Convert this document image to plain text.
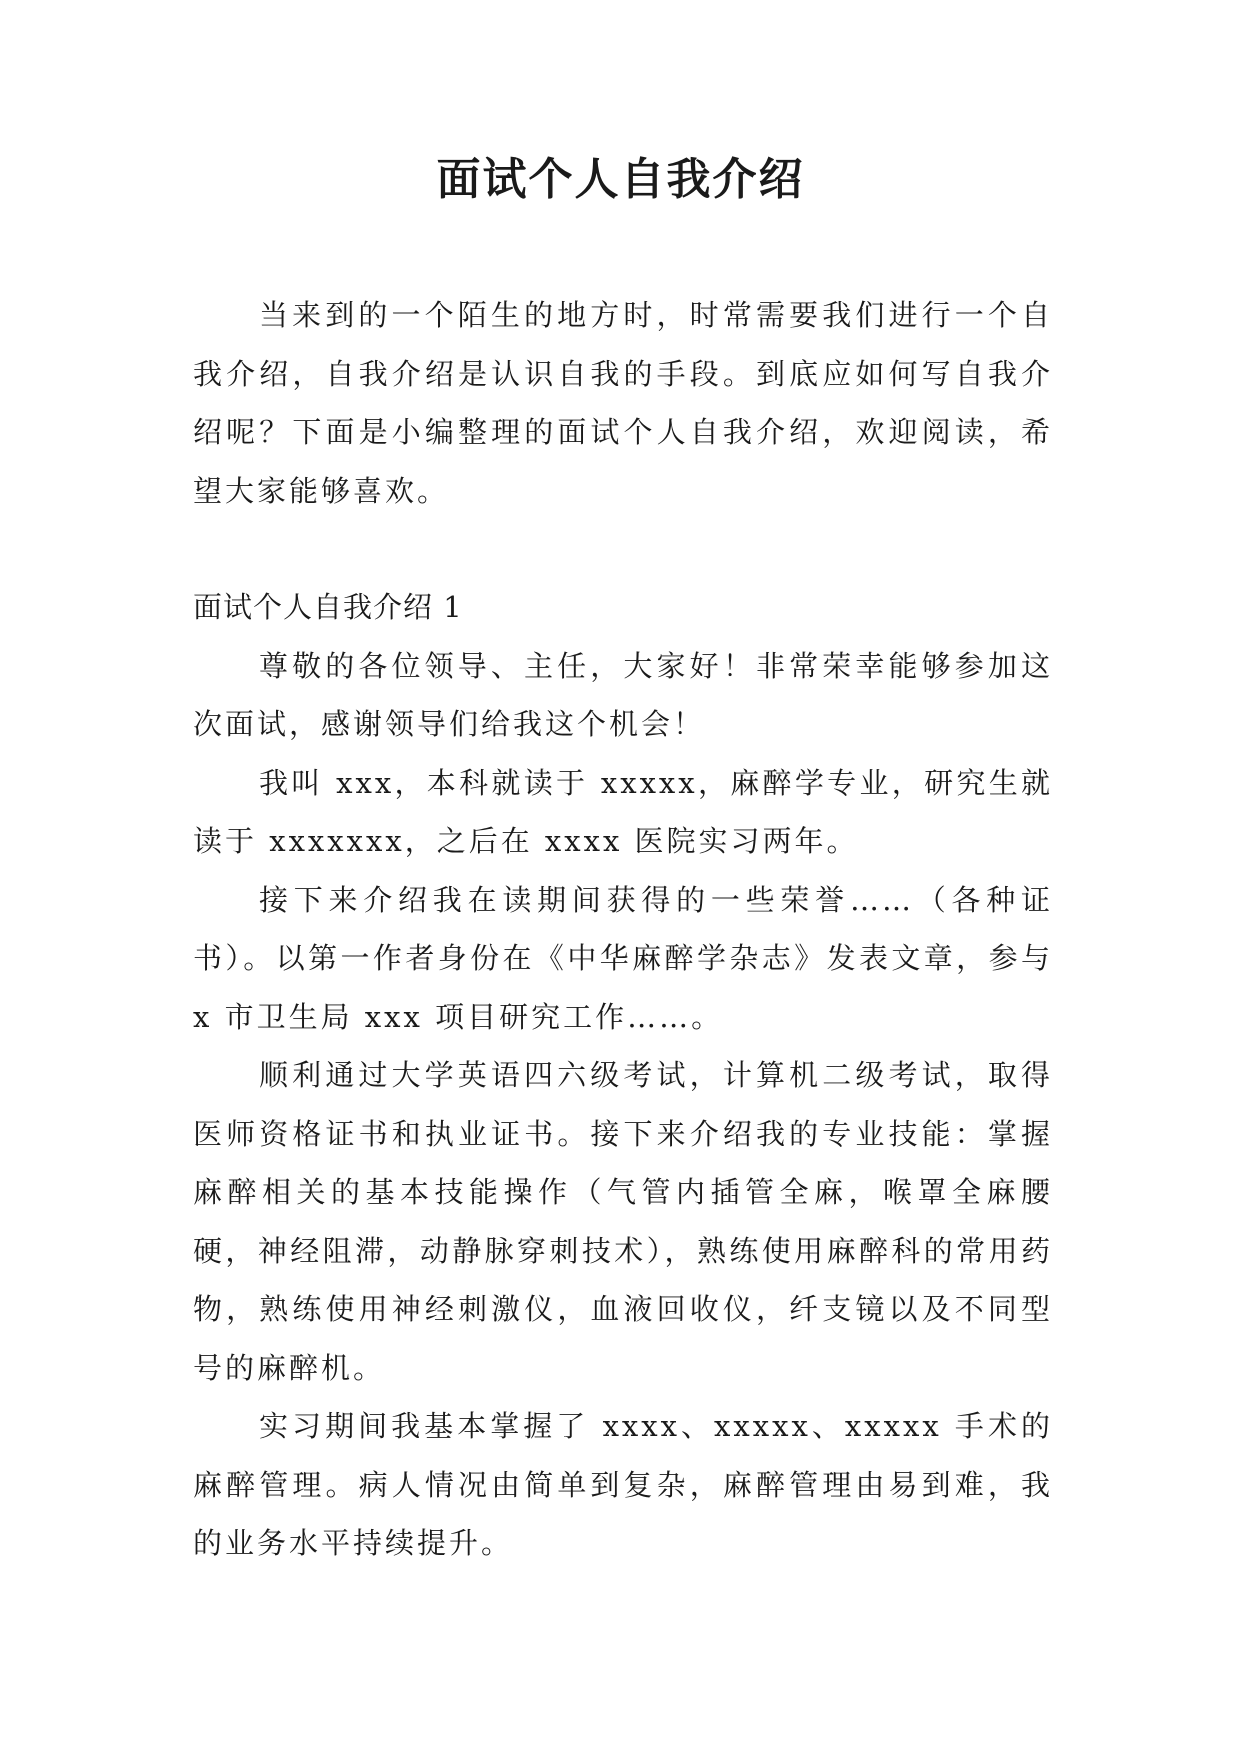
面试个人自我介绍

当来到的一个陌生的地方时，时常需要我们进行一个自我介绍，自我介绍是认识自我的手段。到底应如何写自我介绍呢？下面是小编整理的面试个人自我介绍，欢迎阅读，希望大家能够喜欢。

面试个人自我介绍 1

尊敬的各位领导、主任，大家好！非常荣幸能够参加这次面试，感谢领导们给我这个机会！

我叫 xxx，本科就读于 xxxxx，麻醉学专业，研究生就读于 xxxxxxx，之后在 xxxx 医院实习两年。

接下来介绍我在读期间获得的一些荣誉……（各种证书）。以第一作者身份在《中华麻醉学杂志》发表文章，参与 x 市卫生局 xxx 项目研究工作……。

顺利通过大学英语四六级考试，计算机二级考试，取得医师资格证书和执业证书。接下来介绍我的专业技能：掌握麻醉相关的基本技能操作（气管内插管全麻，喉罩全麻腰硬，神经阻滞，动静脉穿刺技术），熟练使用麻醉科的常用药物，熟练使用神经刺激仪，血液回收仪，纤支镜以及不同型号的麻醉机。

实习期间我基本掌握了 xxxx、xxxxx、xxxxx 手术的麻醉管理。病人情况由简单到复杂，麻醉管理由易到难，我的业务水平持续提升。
